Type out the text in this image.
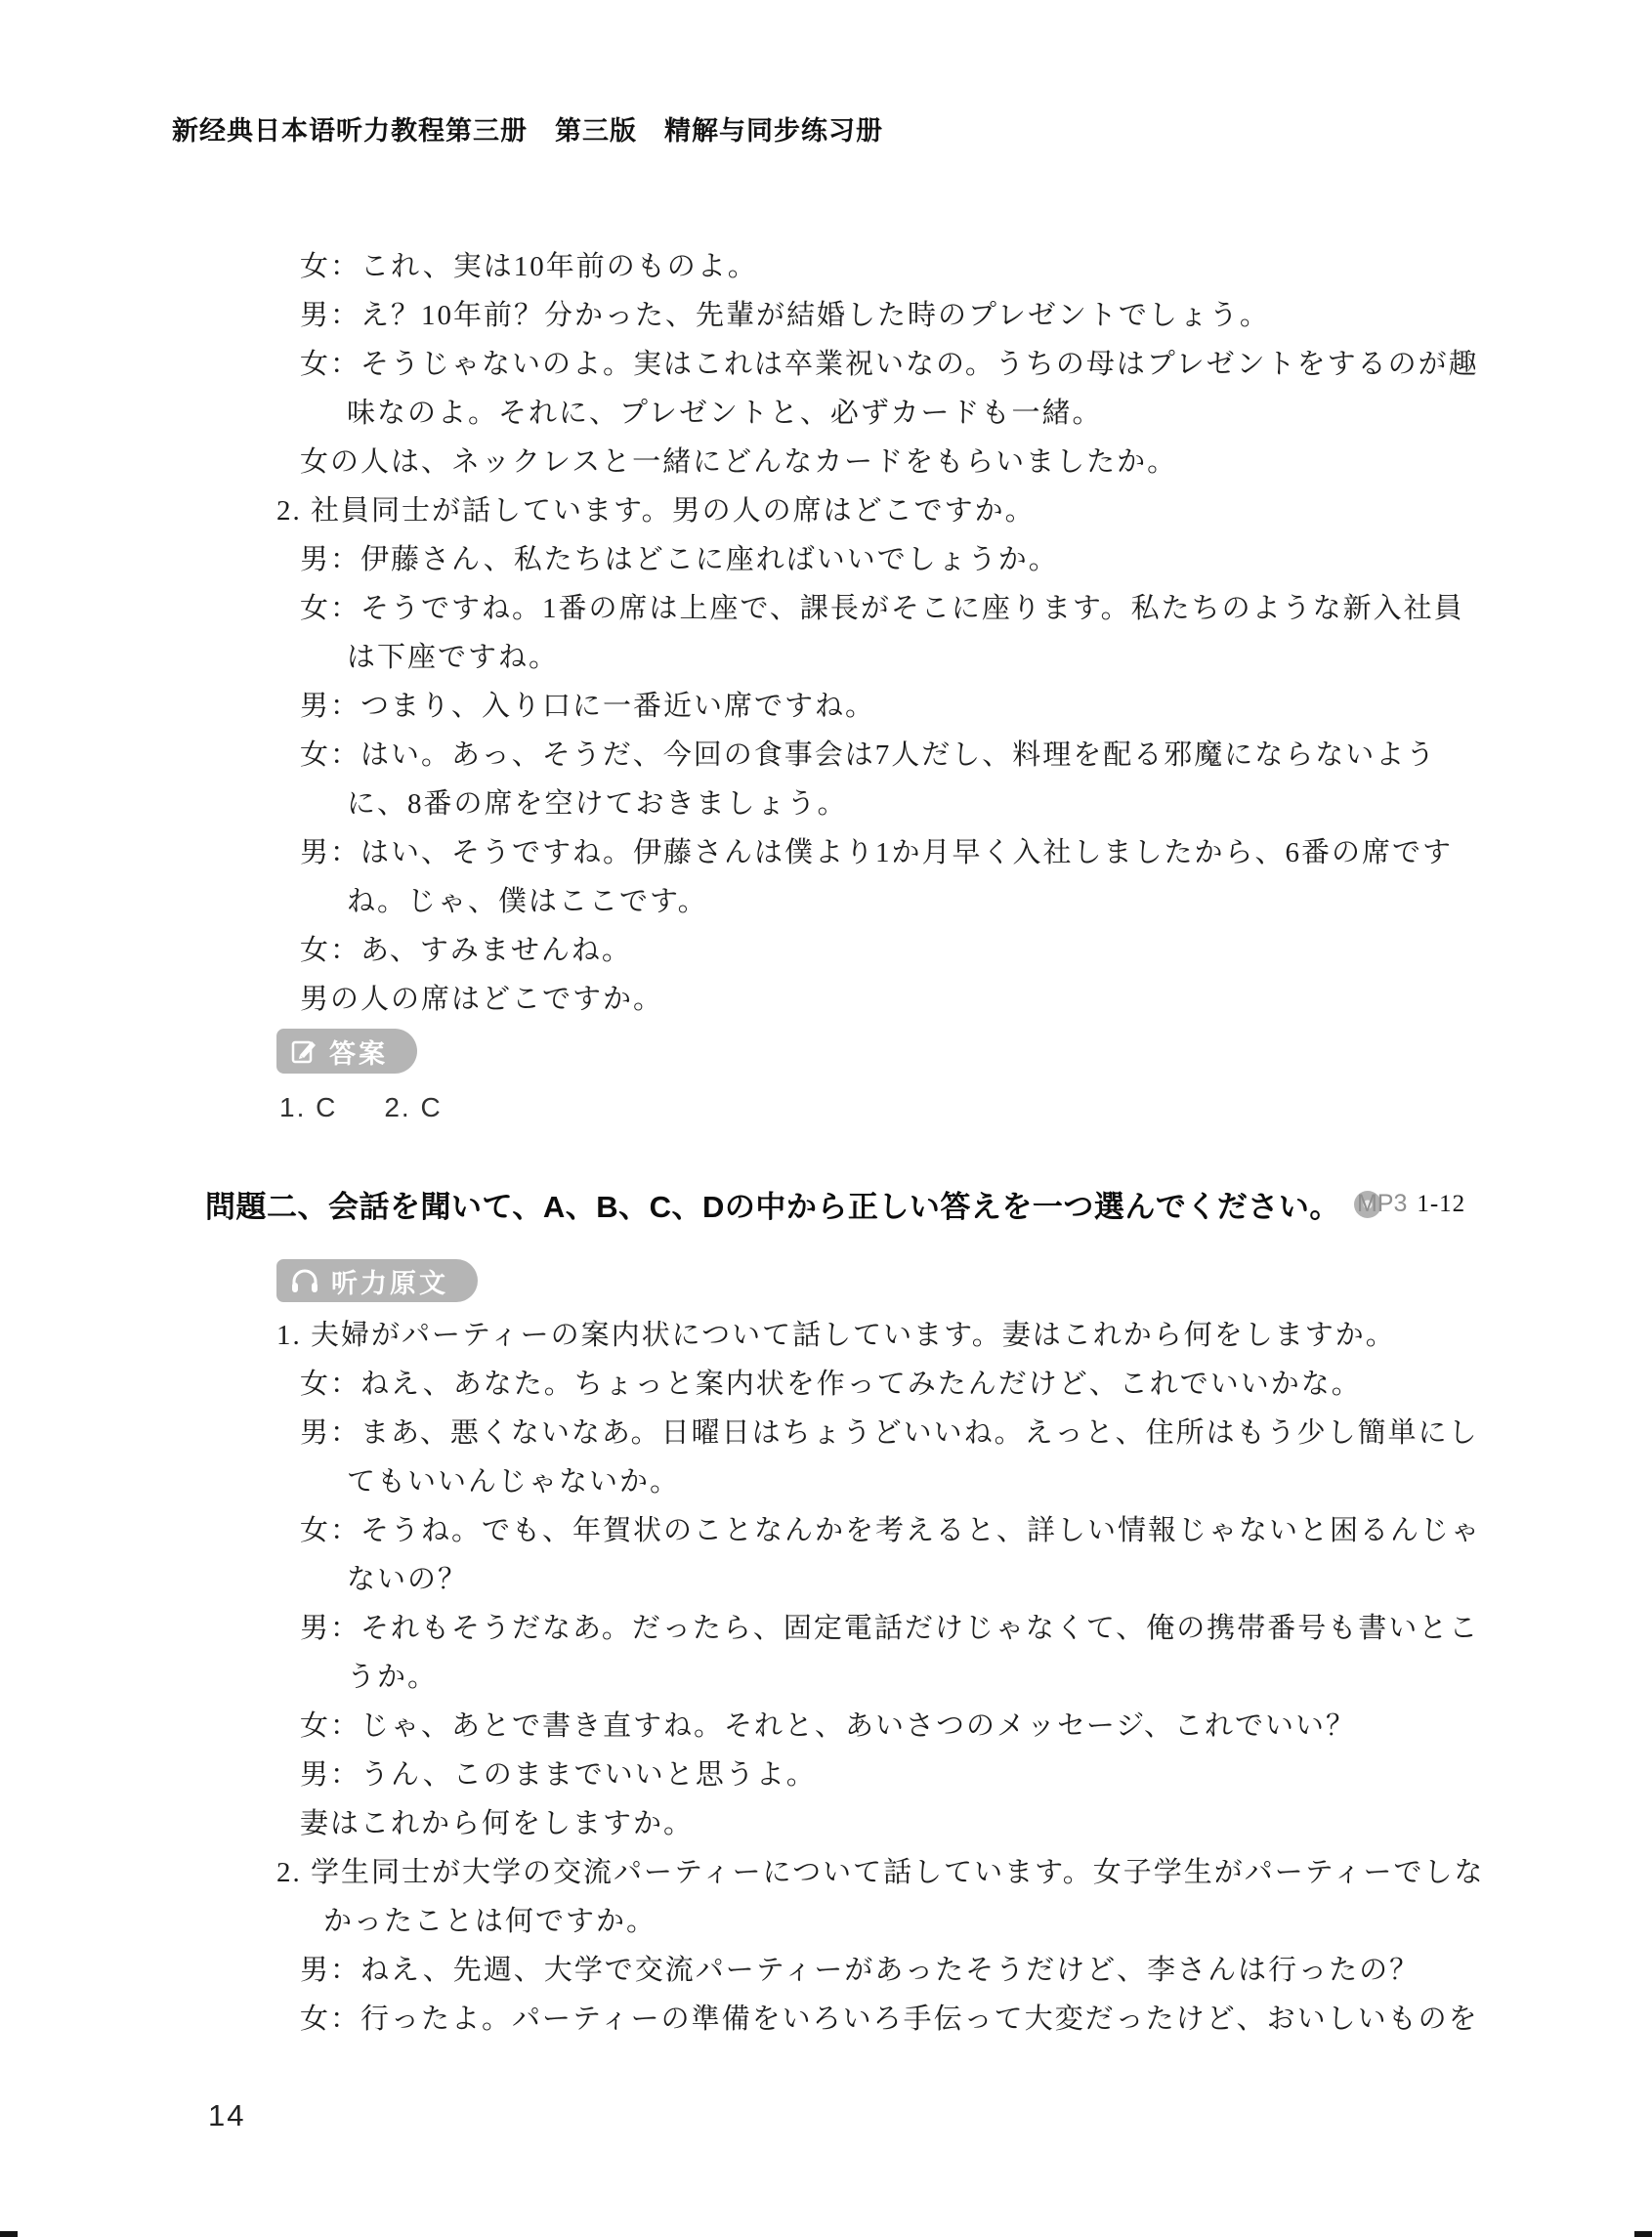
新经典日本语听力教程第三册　第三版　精解与同步练习册
女：これ、実は10年前のものよ。
男：え？10年前？分かった、先輩が結婚した時のプレゼントでしょう。
女：そうじゃないのよ。実はこれは卒業祝いなの。うちの母はプレゼントをするのが趣
味なのよ。それに、プレゼントと、必ずカードも一緒。
女の人は、ネックレスと一緒にどんなカードをもらいましたか。
2. 社員同士が話しています。男の人の席はどこですか。
男：伊藤さん、私たちはどこに座ればいいでしょうか。
女：そうですね。1番の席は上座で、課長がそこに座ります。私たちのような新入社員
は下座ですね。
男：つまり、入り口に一番近い席ですね。
女：はい。あっ、そうだ、今回の食事会は7人だし、料理を配る邪魔にならないよう
に、8番の席を空けておきましょう。
男：はい、そうですね。伊藤さんは僕より1か月早く入社しましたから、6番の席です
ね。じゃ、僕はここです。
女：あ、すみませんね。
男の人の席はどこですか。
答案
1. C 2. C
問題二、会話を聞いて、A、B、C、Dの中から正しい答えを一つ選んでください。 MP3 1-12
听力原文
1. 夫婦がパーティーの案内状について話しています。妻はこれから何をしますか。
女：ねえ、あなた。ちょっと案内状を作ってみたんだけど、これでいいかな。
男：まあ、悪くないなあ。日曜日はちょうどいいね。えっと、住所はもう少し簡単にし
てもいいんじゃないか。
女：そうね。でも、年賀状のことなんかを考えると、詳しい情報じゃないと困るんじゃ
ないの？
男：それもそうだなあ。だったら、固定電話だけじゃなくて、俺の携帯番号も書いとこ
うか。
女：じゃ、あとで書き直すね。それと、あいさつのメッセージ、これでいい？
男：うん、このままでいいと思うよ。
妻はこれから何をしますか。
2. 学生同士が大学の交流パーティーについて話しています。女子学生がパーティーでしな
かったことは何ですか。
男：ねえ、先週、大学で交流パーティーがあったそうだけど、李さんは行ったの？
女：行ったよ。パーティーの準備をいろいろ手伝って大変だったけど、おいしいものを
14
